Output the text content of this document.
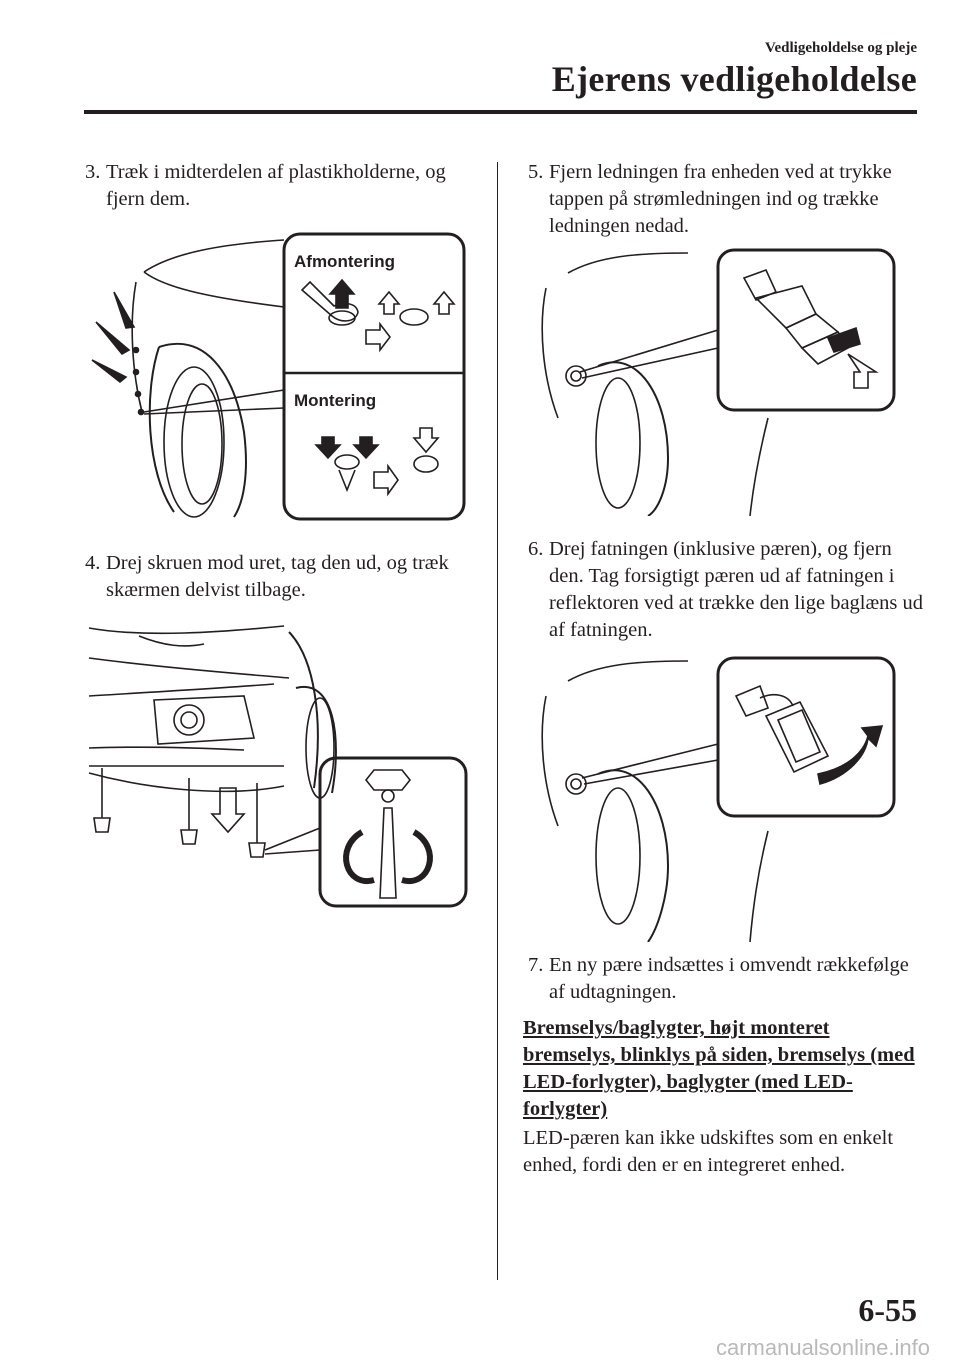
Vedligeholdelse og pleje
Ejerens vedligeholdelse
3. Træk i midterdelen af plastikholderne, og fjern dem.
Afmontering
Montering
4. Drej skruen mod uret, tag den ud, og træk skærmen delvist tilbage.
5. Fjern ledningen fra enheden ved at trykke tappen på strømledningen ind og trække ledningen nedad.
6. Drej fatningen (inklusive pæren), og fjern den. Tag forsigtigt pæren ud af fatningen i reflektoren ved at trække den lige baglæns ud af fatningen.
7. En ny pære indsættes i omvendt rækkefølge af udtagningen.
Bremselys/baglygter, højt monteret bremselys, blinklys på siden, bremselys (med LED-forlygter), baglygter (med LED-forlygter)
LED-pæren kan ikke udskiftes som en enkelt enhed, fordi den er en integreret enhed.
6-55
carmanualsonline.info
